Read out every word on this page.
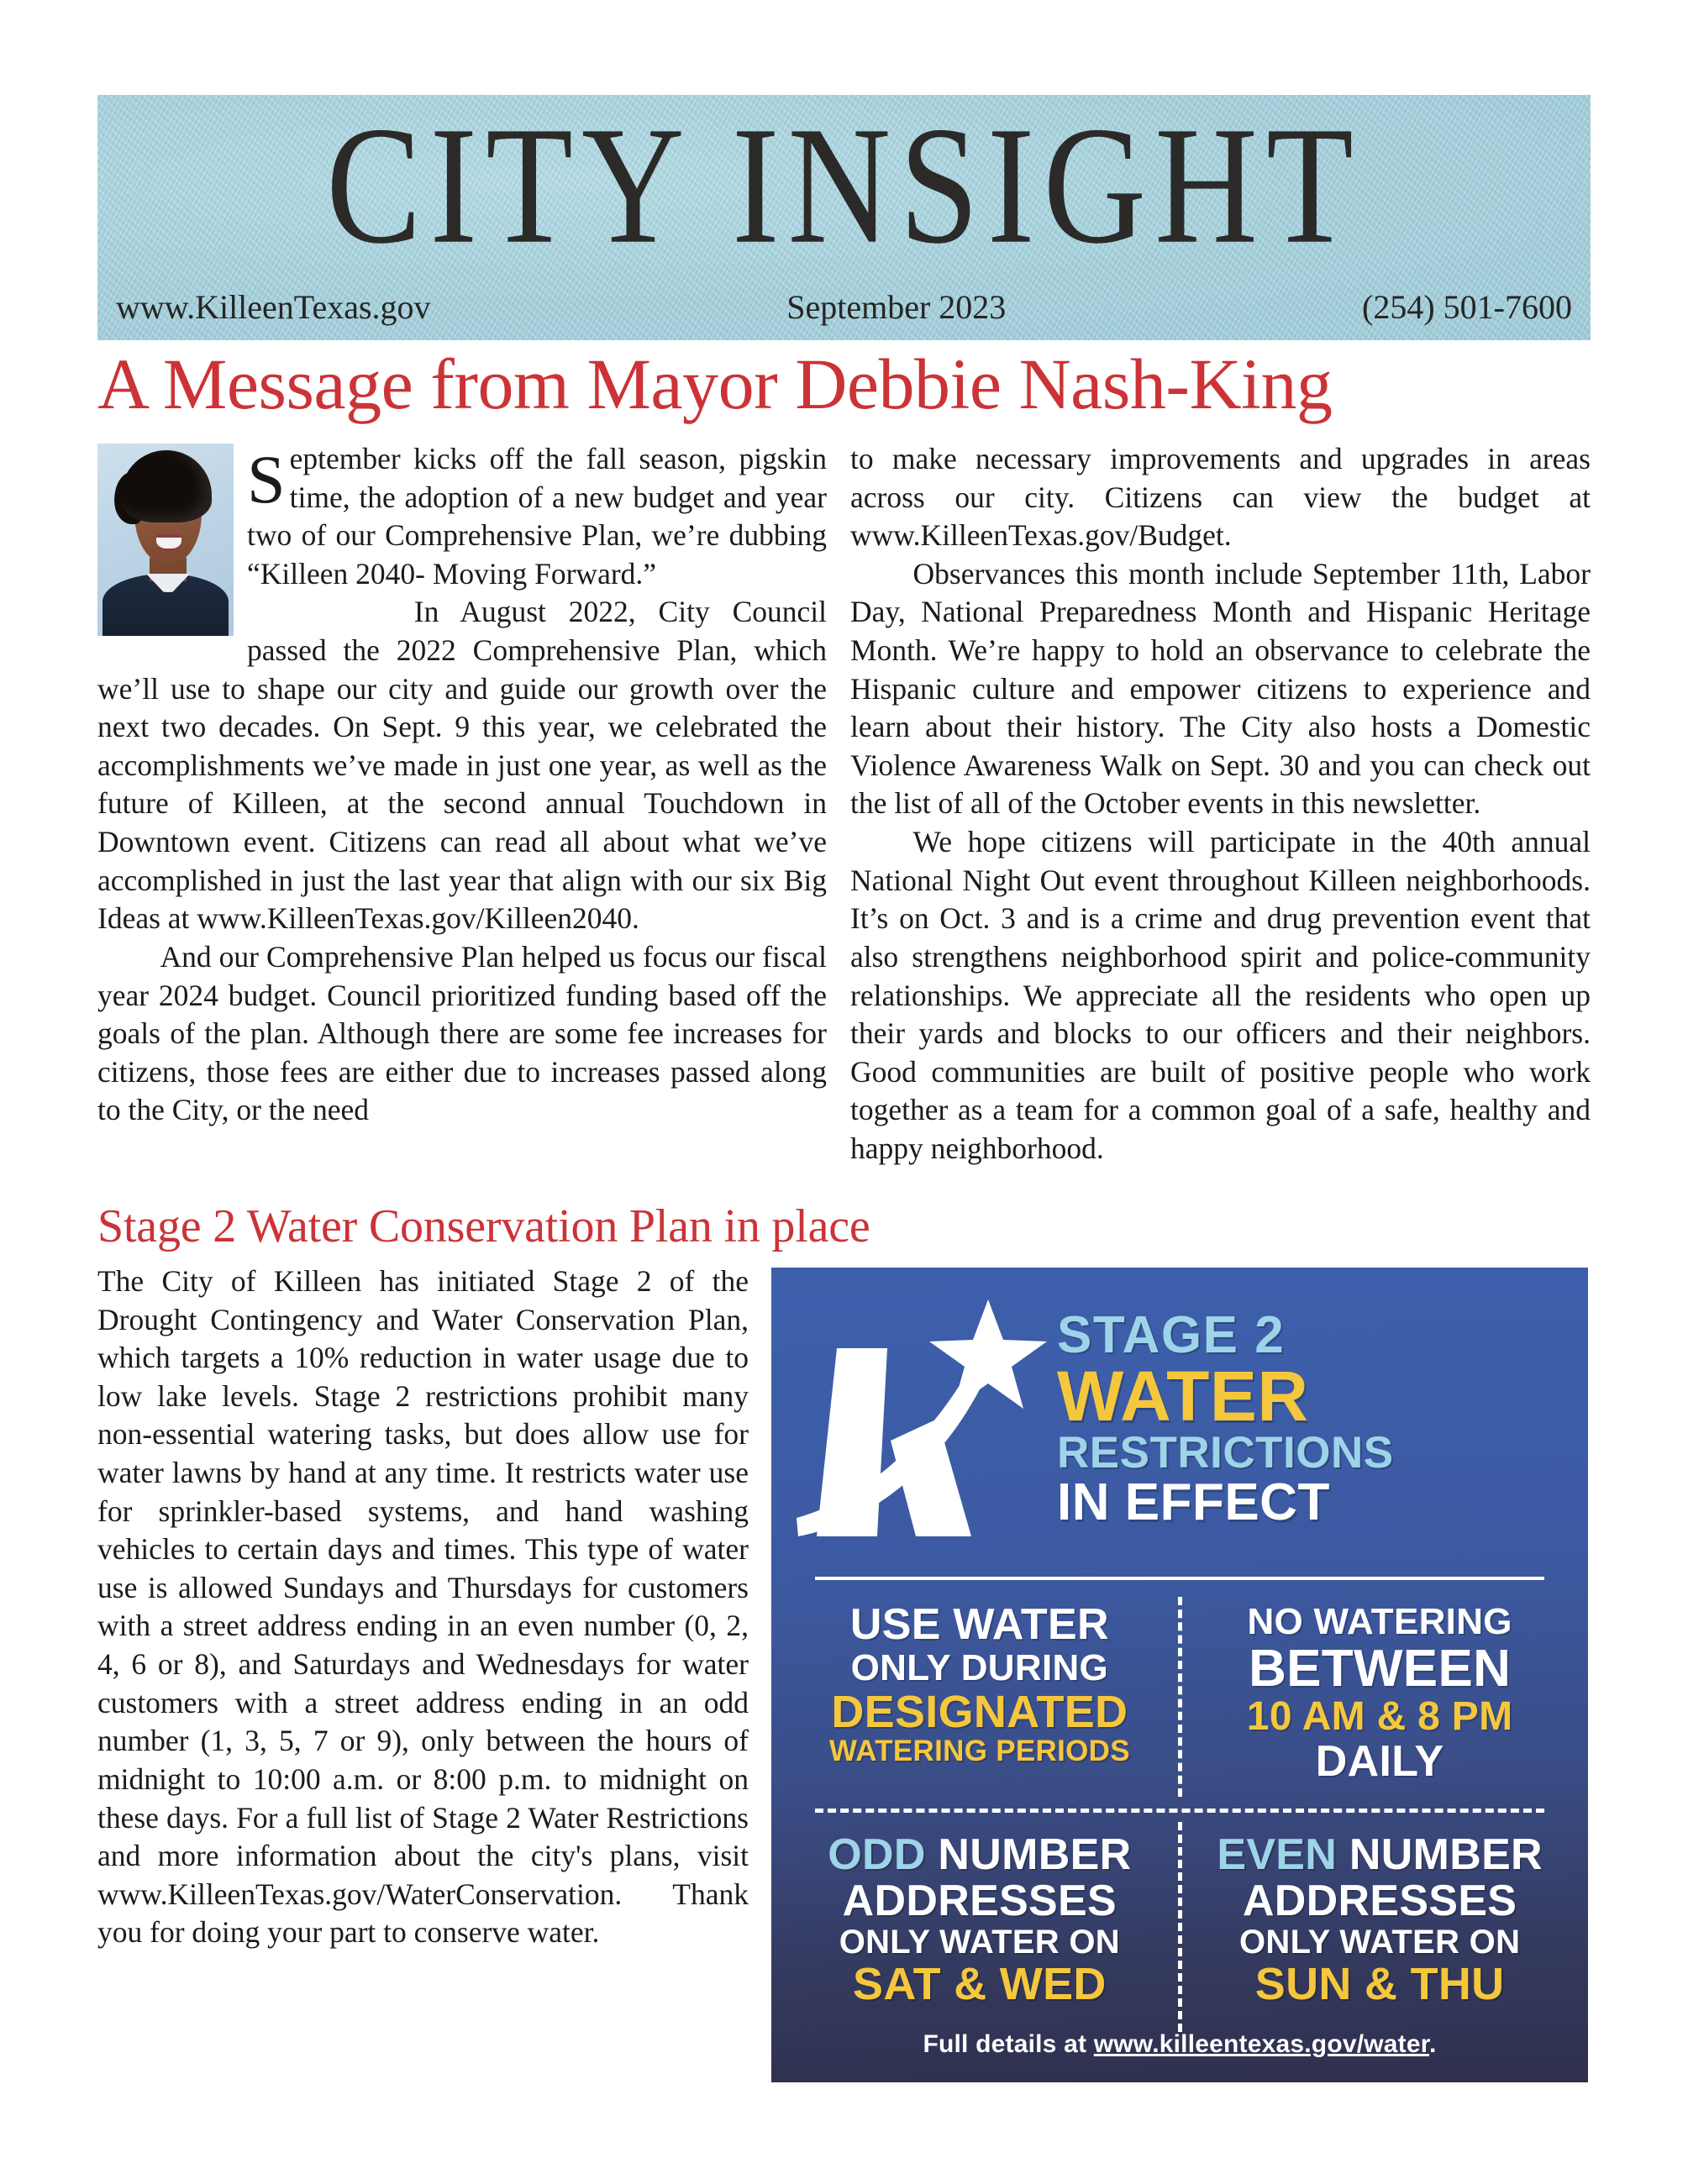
CITY INSIGHT
www.KilleenTexas.gov	September 2023	(254) 501-7600
A Message from Mayor Debbie Nash-King

September kicks off the fall season, pigskin time, the adoption of a new budget and year two of our Comprehensive Plan, we’re dubbing “Killeen 2040- Moving Forward.”

In August 2022, City Council passed the 2022 Comprehensive Plan, which we’ll use to shape our city and guide our growth over the next two decades. On Sept. 9 this year, we celebrated the accomplishments we’ve made in just one year, as well as the future of Killeen, at the second annual Touchdown in Downtown event. Citizens can read all about what we’ve accomplished in just the last year that align with our six Big Ideas at www.KilleenTexas.gov/Killeen2040.

And our Comprehensive Plan helped us focus our fiscal year 2024 budget. Council prioritized funding based off the goals of the plan. Although there are some fee increases for citizens, those fees are either due to increases passed along to the City, or the need

to make necessary improvements and upgrades in areas across our city. Citizens can view the budget at www.KilleenTexas.gov/Budget.

Observances this month include September 11th, Labor Day, National Preparedness Month and Hispanic Heritage Month. We’re happy to hold an observance to celebrate the Hispanic culture and empower citizens to experience and learn about their history. The City also hosts a Domestic Violence Awareness Walk on Sept. 30 and you can check out the list of all of the October events in this newsletter.

We hope citizens will participate in the 40th annual National Night Out event throughout Killeen neighborhoods. It’s on Oct. 3 and is a crime and drug prevention event that also strengthens neighborhood spirit and police-community relationships. We appreciate all the residents who open up their yards and blocks to our officers and their neighbors. Good communities are built of positive people who work together as a team for a common goal of a safe, healthy and happy neighborhood.

Stage 2 Water Conservation Plan in place

The City of Killeen has initiated Stage 2 of the Drought Contingency and Water Conservation Plan, which targets a 10% reduction in water usage due to low lake levels. Stage 2 restrictions prohibit many non-essential watering tasks, but does allow use for water lawns by hand at any time. It restricts water use for sprinkler-based systems, and hand washing vehicles to certain days and times. This type of water use is allowed Sundays and Thursdays for customers with a street address ending in an even number (0, 2, 4, 6 or 8), and Saturdays and Wednesdays for water customers with a street address ending in an odd number (1, 3, 5, 7 or 9), only between the hours of midnight to 10:00 a.m. or 8:00 p.m. to midnight on these days. For a full list of Stage 2 Water Restrictions and more information about the city's plans, visit www.KilleenTexas.gov/WaterConservation. Thank you for doing your part to conserve water.

STAGE 2
WATER
RESTRICTIONS
IN EFFECT
USE WATER
ONLY DURING
DESIGNATED
WATERING PERIODS
NO WATERING
BETWEEN
10 AM & 8 PM
DAILY
ODD NUMBER
ADDRESSES
ONLY WATER ON
SAT & WED
EVEN NUMBER
ADDRESSES
ONLY WATER ON
SUN & THU
Full details at www.killeentexas.gov/water.
